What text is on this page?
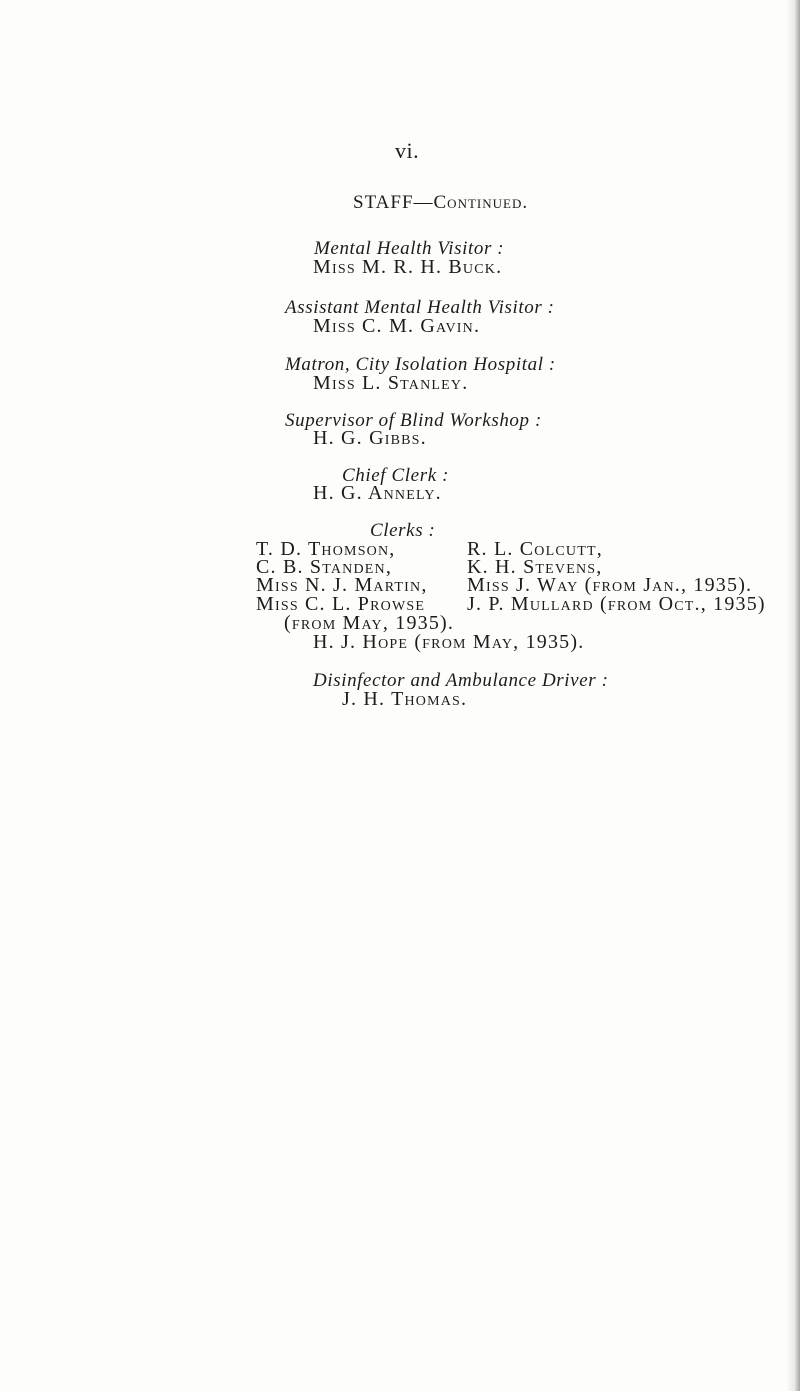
vi.
STAFF—Continued.
Mental Health Visitor :
Miss M. R. H. Buck.
Assistant Mental Health Visitor :
Miss C. M. Gavin.
Matron, City Isolation Hospital :
Miss L. Stanley.
Supervisor of Blind Workshop :
H. G. Gibbs.
Chief Clerk :
H. G. Annely.
Clerks :
T. D. Thomson,
C. B. Standen,
Miss N. J. Martin,
Miss C. L. Prowse
(from May, 1935).
R. L. Colcutt,
K. H. Stevens,
Miss J. Way (from Jan., 1935).
J. P. Mullard (from Oct., 1935)
H. J. Hope (from May, 1935).
Disinfector and Ambulance Driver :
J. H. Thomas.
